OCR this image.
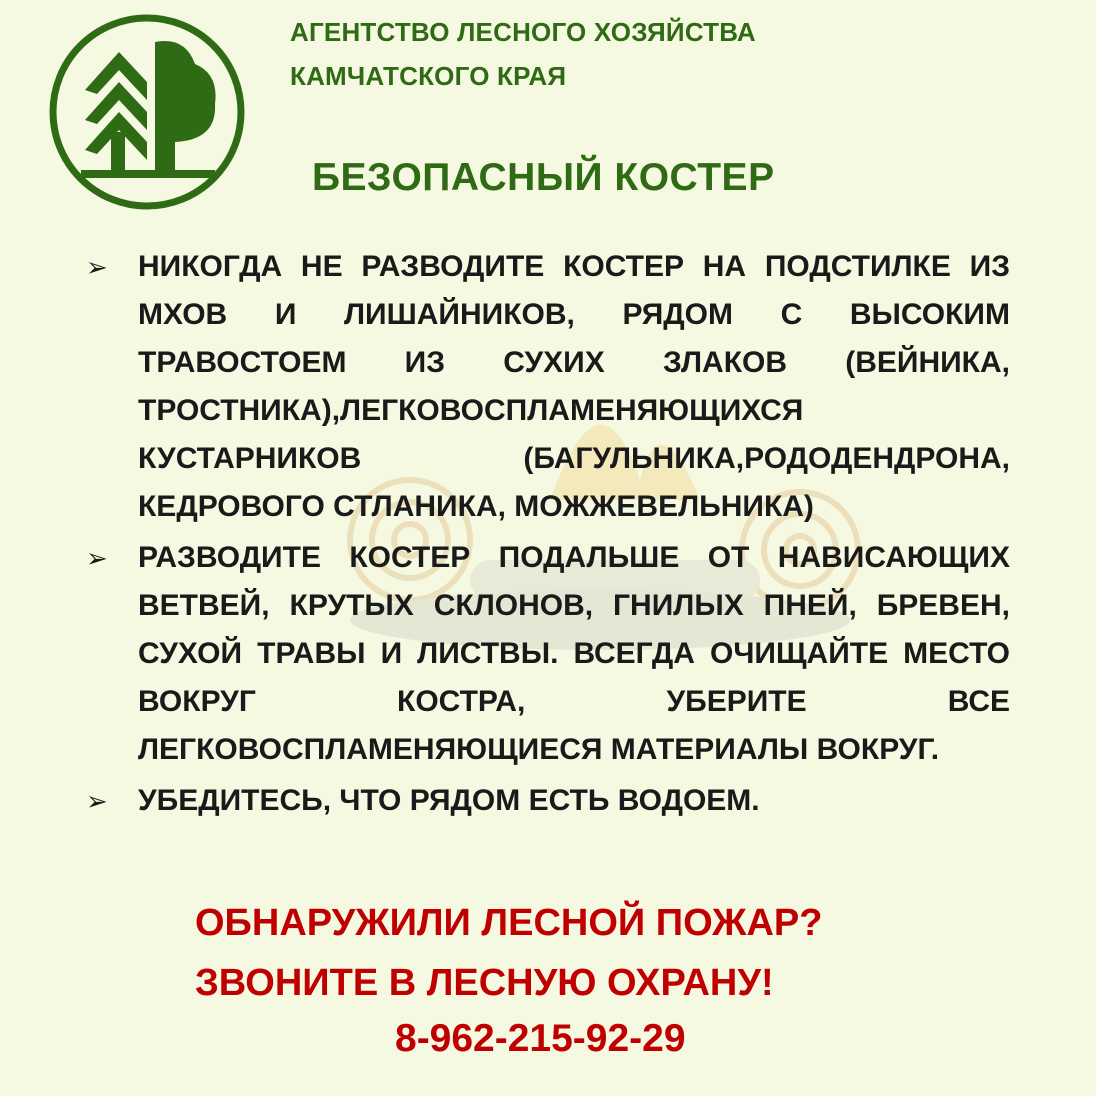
АГЕНТСТВО ЛЕСНОГО ХОЗЯЙСТВА
КАМЧАТСКОГО КРАЯ
БЕЗОПАСНЫЙ КОСТЕР
➢	НИКОГДА НЕ РАЗВОДИТЕ КОСТЕР НА ПОДСТИЛКЕ ИЗ МХОВ И ЛИШАЙНИКОВ, РЯДОМ С ВЫСОКИМ ТРАВОСТОЕМ ИЗ СУХИХ ЗЛАКОВ (ВЕЙНИКА, ТРОСТНИКА),ЛЕГКОВОСПЛАМЕНЯЮЩИХСЯ КУСТАРНИКОВ (БАГУЛЬНИКА,РОДОДЕНДРОНА, КЕДРОВОГО СТЛАНИКА, МОЖЖЕВЕЛЬНИКА)
➢	РАЗВОДИТЕ КОСТЕР ПОДАЛЬШЕ ОТ НАВИСАЮЩИХ ВЕТВЕЙ, КРУТЫХ СКЛОНОВ, ГНИЛЫХ ПНЕЙ, БРЕВЕН, СУХОЙ ТРАВЫ И ЛИСТВЫ. ВСЕГДА ОЧИЩАЙТЕ МЕСТО ВОКРУГ КОСТРА, УБЕРИТЕ ВСЕ ЛЕГКОВОСПЛАМЕНЯЮЩИЕСЯ МАТЕРИАЛЫ ВОКРУГ.
➢	УБЕДИТЕСЬ, ЧТО РЯДОМ ЕСТЬ ВОДОЕМ.
ОБНАРУЖИЛИ ЛЕСНОЙ ПОЖАР?
ЗВОНИТЕ В ЛЕСНУЮ ОХРАНУ!
8-962-215-92-29
